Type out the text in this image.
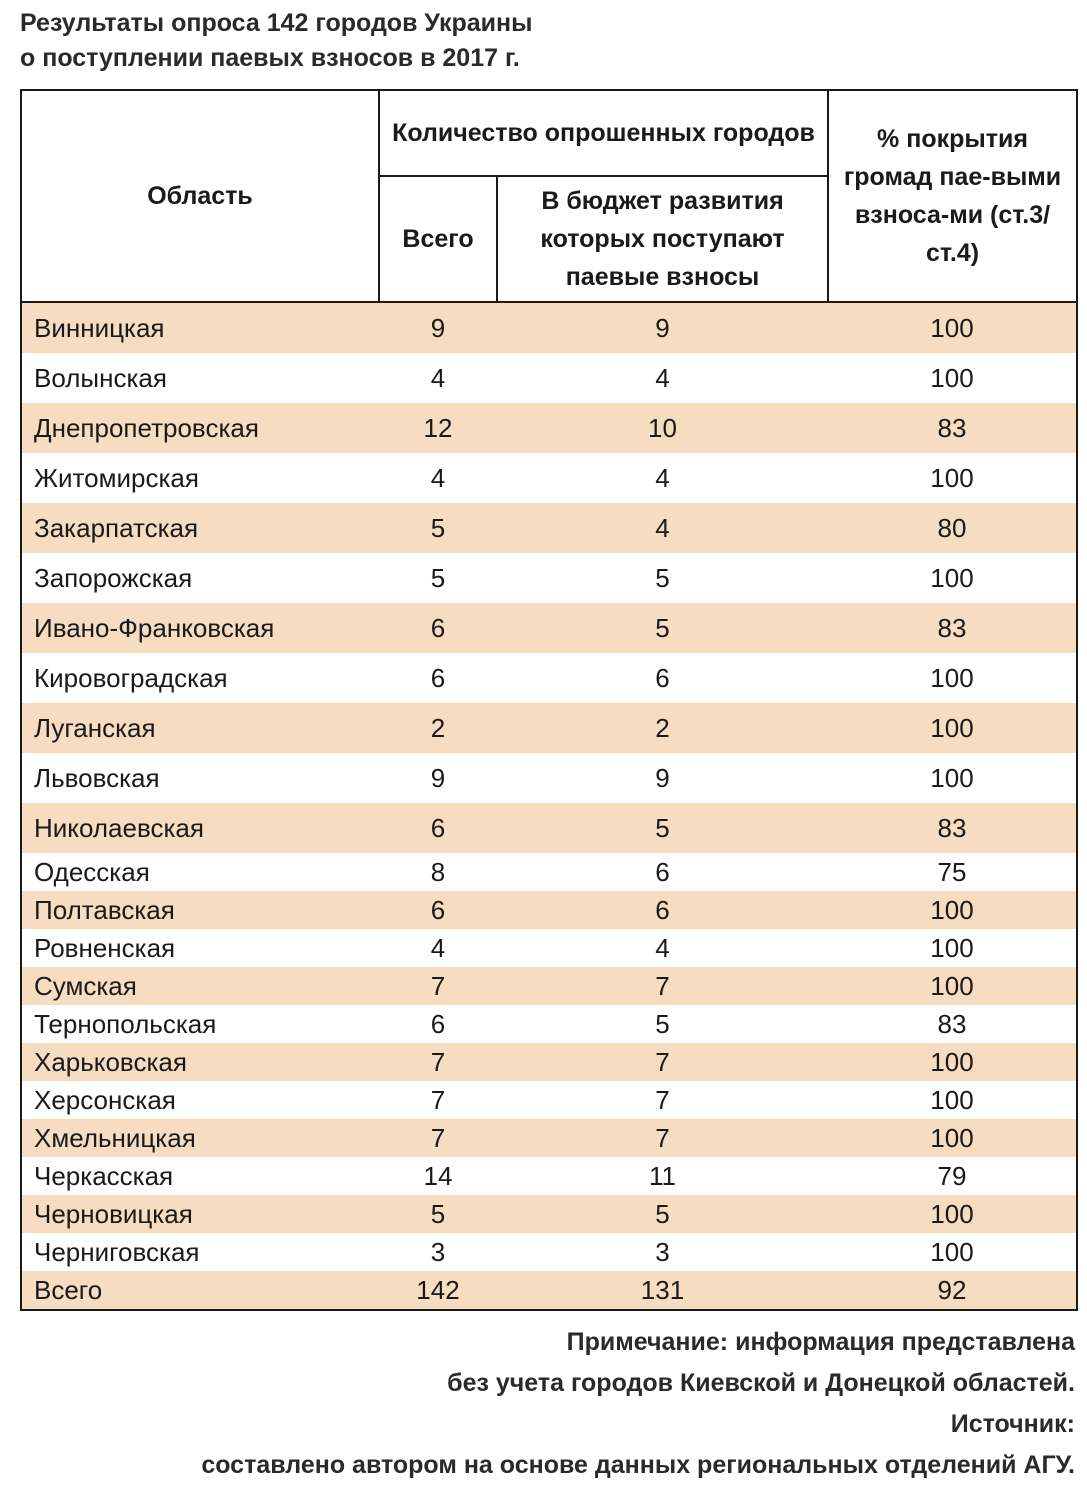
Результаты опроса 142 городов Украины
о поступлении паевых взносов в 2017 г.
Область	Количество опрошенных городов		% покрытия громад пае-выми взноса-ми (ст.3/ст.4)
	Всего	В бюджет развития которых поступают паевые взносы	
Винницкая	9	9	100
Волынская	4	4	100
Днепропетровская	12	10	83
Житомирская	4	4	100
Закарпатская	5	4	80
Запорожская	5	5	100
Ивано-Франковская	6	5	83
Кировоградская	6	6	100
Луганская	2	2	100
Львовская	9	9	100
Николаевская	6	5	83
Одесская	8	6	75
Полтавская	6	6	100
Ровненская	4	4	100
Сумская	7	7	100
Тернопольская	6	5	83
Харьковская	7	7	100
Херсонская	7	7	100
Хмельницкая	7	7	100
Черкасская	14	11	79
Черновицкая	5	5	100
Черниговская	3	3	100
Всего	142	131	92
Примечание: информация представлена
без учета городов Киевской и Донецкой областей.
Источник:
составлено автором на основе данных региональных отделений АГУ.
